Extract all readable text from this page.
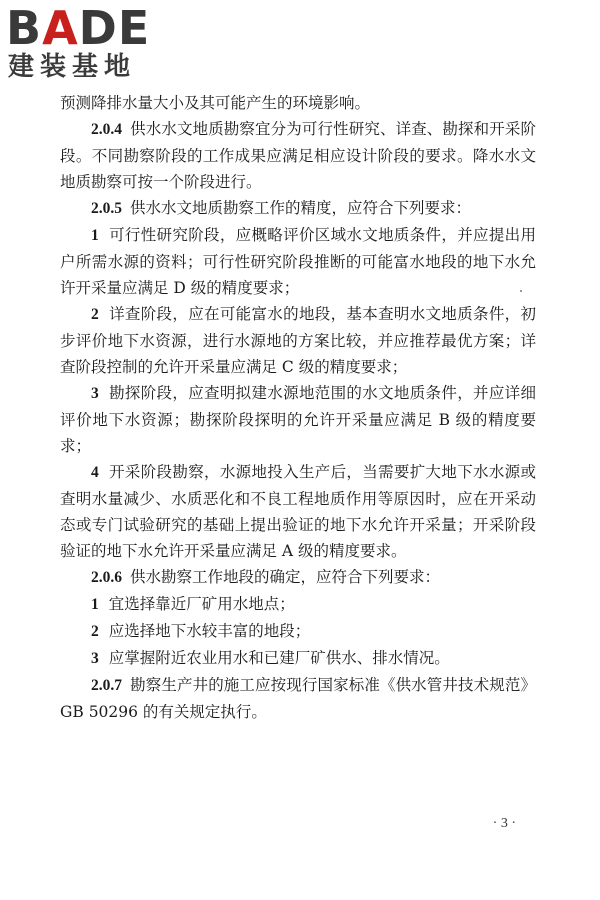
BADE
建装基地

预测降排水量大小及其可能产生的环境影响。

2.0.4 供水水文地质勘察宜分为可行性研究、详查、勘探和开采阶段。不同勘察阶段的工作成果应满足相应设计阶段的要求。降水水文地质勘察可按一个阶段进行。

2.0.5 供水水文地质勘察工作的精度，应符合下列要求：

1 可行性研究阶段，应概略评价区域水文地质条件，并应提出用户所需水源的资料；可行性研究阶段推断的可能富水地段的地下水允许开采量应满足 D 级的精度要求；

2 详查阶段，应在可能富水的地段，基本查明水文地质条件，初步评价地下水资源，进行水源地的方案比较，并应推荐最优方案；详查阶段控制的允许开采量应满足 C 级的精度要求；

3 勘探阶段，应查明拟建水源地范围的水文地质条件，并应详细评价地下水资源；勘探阶段探明的允许开采量应满足 B 级的精度要求；

4 开采阶段勘察，水源地投入生产后，当需要扩大地下水水源或查明水量减少、水质恶化和不良工程地质作用等原因时，应在开采动态或专门试验研究的基础上提出验证的地下水允许开采量；开采阶段验证的地下水允许开采量应满足 A 级的精度要求。

2.0.6 供水勘察工作地段的确定，应符合下列要求：

1 宜选择靠近厂矿用水地点；

2 应选择地下水较丰富的地段；

3 应掌握附近农业用水和已建厂矿供水、排水情况。

2.0.7 勘察生产井的施工应按现行国家标准《供水管井技术规范》GB 50296 的有关规定执行。

· 3 ·
